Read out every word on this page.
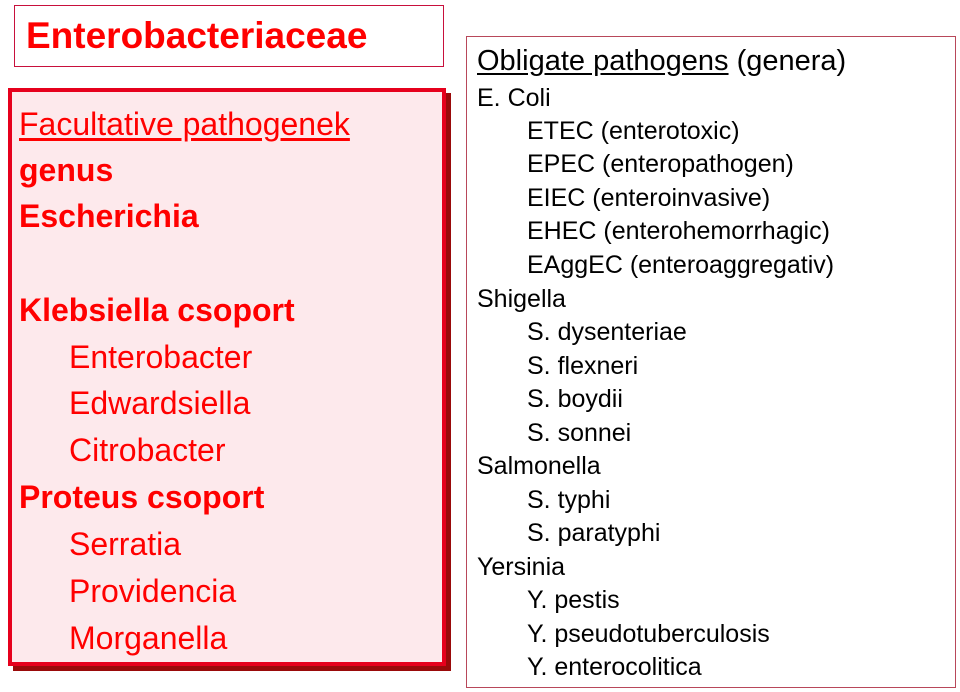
Enterobacteriaceae
Facultative pathogenek
genus
Escherichia
Klebsiella csoport
Enterobacter
Edwardsiella
Citrobacter
Proteus csoport
Serratia
Providencia
Morganella
Obligate pathogens (genera)
E. Coli
ETEC (enterotoxic)
EPEC (enteropathogen)
EIEC (enteroinvasive)
EHEC (enterohemorrhagic)
EAggEC (enteroaggregativ)
Shigella
S. dysenteriae
S. flexneri
S. boydii
S. sonnei
Salmonella
S. typhi
S. paratyphi
Yersinia
Y. pestis
Y. pseudotuberculosis
Y. enterocolitica
